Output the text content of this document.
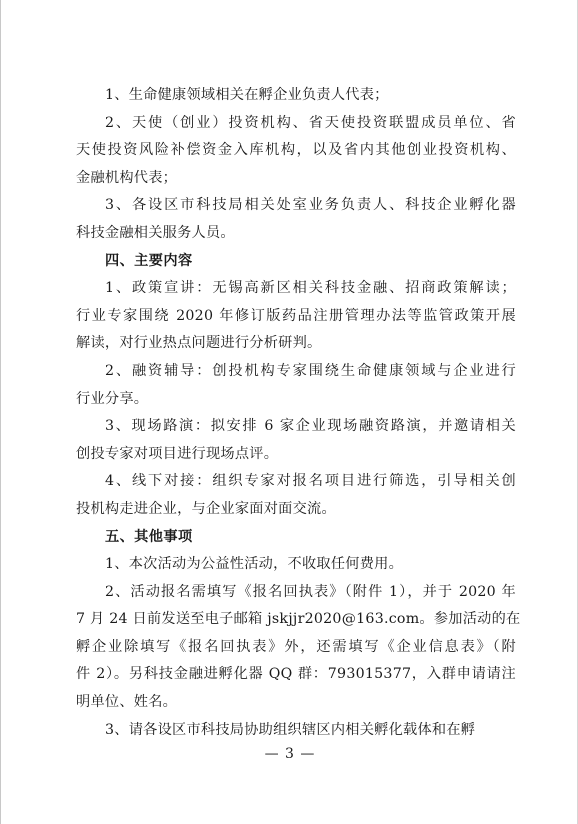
1、生命健康领域相关在孵企业负责人代表；
2、天使（创业）投资机构、省天使投资联盟成员单位、省
天使投资风险补偿资金入库机构，以及省内其他创业投资机构、
金融机构代表；
3、各设区市科技局相关处室业务负责人、科技企业孵化器
科技金融相关服务人员。
四、主要内容
1、政策宣讲：无锡高新区相关科技金融、招商政策解读；
行业专家围绕 2020 年修订版药品注册管理办法等监管政策开展
解读，对行业热点问题进行分析研判。
2、融资辅导：创投机构专家围绕生命健康领域与企业进行
行业分享。
3、现场路演：拟安排 6 家企业现场融资路演，并邀请相关
创投专家对项目进行现场点评。
4、线下对接：组织专家对报名项目进行筛选，引导相关创
投机构走进企业，与企业家面对面交流。
五、其他事项
1、本次活动为公益性活动，不收取任何费用。
2、活动报名需填写《报名回执表》（附件 1），并于 2020 年
7 月 24 日前发送至电子邮箱 jskjjr2020@163.com。参加活动的在
孵企业除填写《报名回执表》外，还需填写《企业信息表》（附
件 2）。另科技金融进孵化器 QQ 群：793015377，入群申请请注
明单位、姓名。
3、请各设区市科技局协助组织辖区内相关孵化载体和在孵
— 3 —
